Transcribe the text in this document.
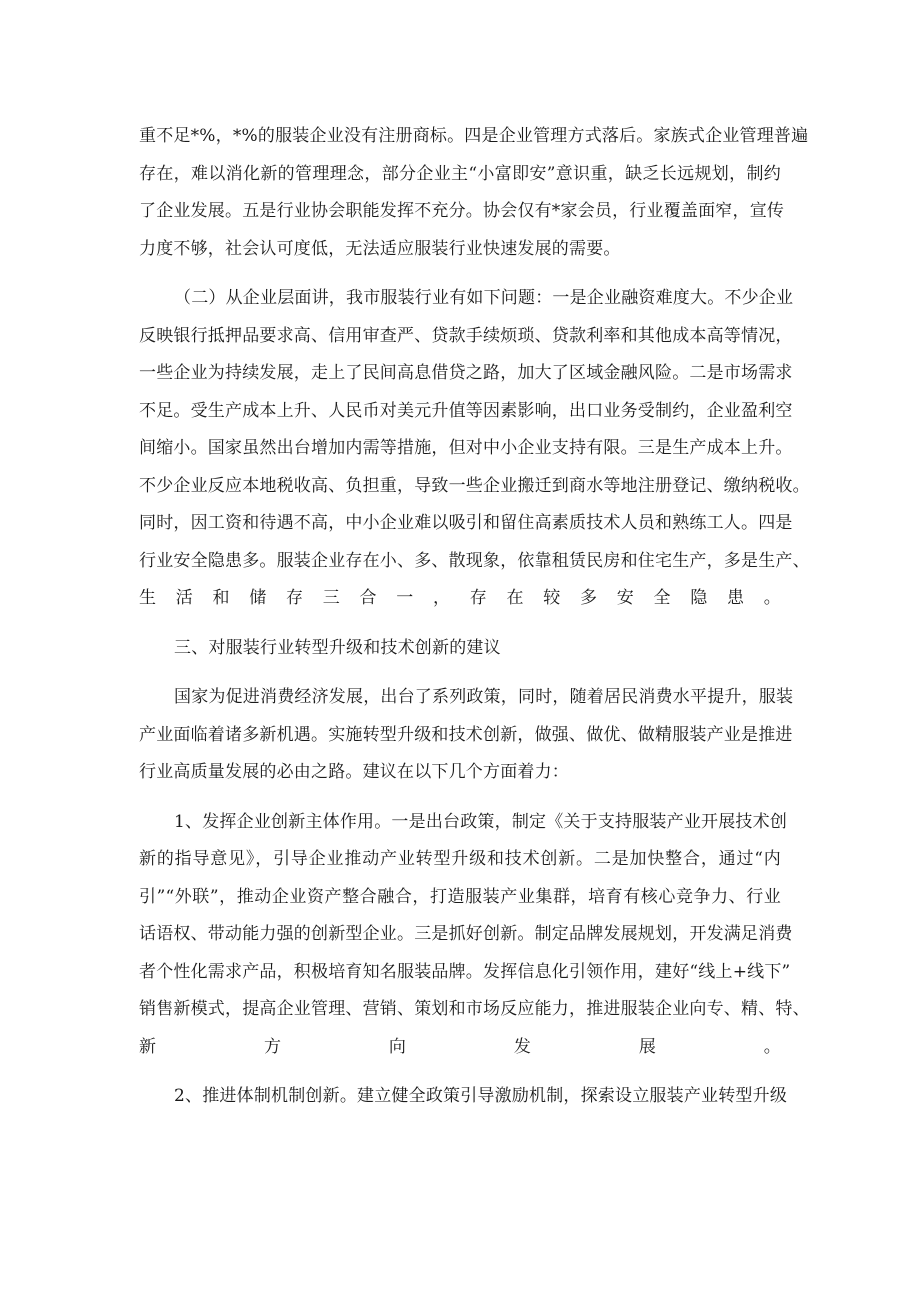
重不足*%，*%的服装企业没有注册商标。四是企业管理方式落后。家族式企业管理普遍
存在，难以消化新的管理理念，部分企业主“小富即安”意识重，缺乏长远规划，制约
了企业发展。五是行业协会职能发挥不充分。协会仅有*家会员，行业覆盖面窄，宣传
力度不够，社会认可度低，无法适应服装行业快速发展的需要。
（二）从企业层面讲，我市服装行业有如下问题：一是企业融资难度大。不少企业
反映银行抵押品要求高、信用审查严、贷款手续烦琐、贷款利率和其他成本高等情况，
一些企业为持续发展，走上了民间高息借贷之路，加大了区域金融风险。二是市场需求
不足。受生产成本上升、人民币对美元升值等因素影响，出口业务受制约，企业盈利空
间缩小。国家虽然出台增加内需等措施，但对中小企业支持有限。三是生产成本上升。
不少企业反应本地税收高、负担重，导致一些企业搬迁到商水等地注册登记、缴纳税收。
同时，因工资和待遇不高，中小企业难以吸引和留住高素质技术人员和熟练工人。四是
行业安全隐患多。服装企业存在小、多、散现象，依靠租赁民房和住宅生产，多是生产、
生活和储存三合一，存在较多安全隐患。
三、对服装行业转型升级和技术创新的建议
国家为促进消费经济发展，出台了系列政策，同时，随着居民消费水平提升，服装
产业面临着诸多新机遇。实施转型升级和技术创新，做强、做优、做精服装产业是推进
行业高质量发展的必由之路。建议在以下几个方面着力：
1、发挥企业创新主体作用。一是出台政策，制定《关于支持服装产业开展技术创
新的指导意见》，引导企业推动产业转型升级和技术创新。二是加快整合，通过“内
引”“外联”，推动企业资产整合融合，打造服装产业集群，培育有核心竞争力、行业
话语权、带动能力强的创新型企业。三是抓好创新。制定品牌发展规划，开发满足消费
者个性化需求产品，积极培育知名服装品牌。发挥信息化引领作用，建好“线上+线下”
销售新模式，提高企业管理、营销、策划和市场反应能力，推进服装企业向专、精、特、
新方向发展。
2、推进体制机制创新。建立健全政策引导激励机制，探索设立服装产业转型升级
